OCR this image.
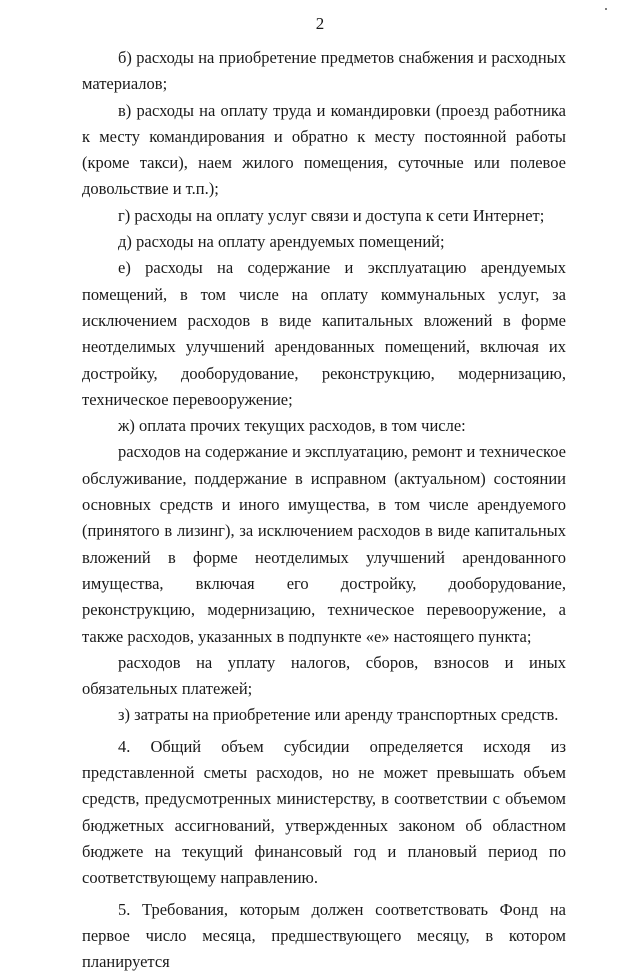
2

б) расходы на приобретение предметов снабжения и расходных материалов;

в) расходы на оплату труда и командировки (проезд работника к месту командирования и обратно к месту постоянной работы (кроме такси), наем жилого помещения, суточные или полевое довольствие и т.п.);

г) расходы на оплату услуг связи и доступа к сети Интернет;

д) расходы на оплату арендуемых помещений;

е) расходы на содержание и эксплуатацию арендуемых помещений, в том числе на оплату коммунальных услуг, за исключением расходов в виде капитальных вложений в форме неотделимых улучшений арендованных помещений, включая их достройку, дооборудование, реконструкцию, модернизацию, техническое перевооружение;

ж) оплата прочих текущих расходов, в том числе:

расходов на содержание и эксплуатацию, ремонт и техническое обслуживание, поддержание в исправном (актуальном) состоянии основных средств и иного имущества, в том числе арендуемого (принятого в лизинг), за исключением расходов в виде капитальных вложений в форме неотделимых улучшений арендованного имущества, включая его достройку, дооборудование, реконструкцию, модернизацию, техническое перевооружение, а также расходов, указанных в подпункте «е» настоящего пункта;

расходов на уплату налогов, сборов, взносов и иных обязательных платежей;

з) затраты на приобретение или аренду транспортных средств.

4. Общий объем субсидии определяется исходя из представленной сметы расходов, но не может превышать объем средств, предусмотренных министерству, в соответствии с объемом бюджетных ассигнований, утвержденных законом об областном бюджете на текущий финансовый год и плановый период по соответствующему направлению.

5. Требования, которым должен соответствовать Фонд на первое число месяца, предшествующего месяцу, в котором планируется
